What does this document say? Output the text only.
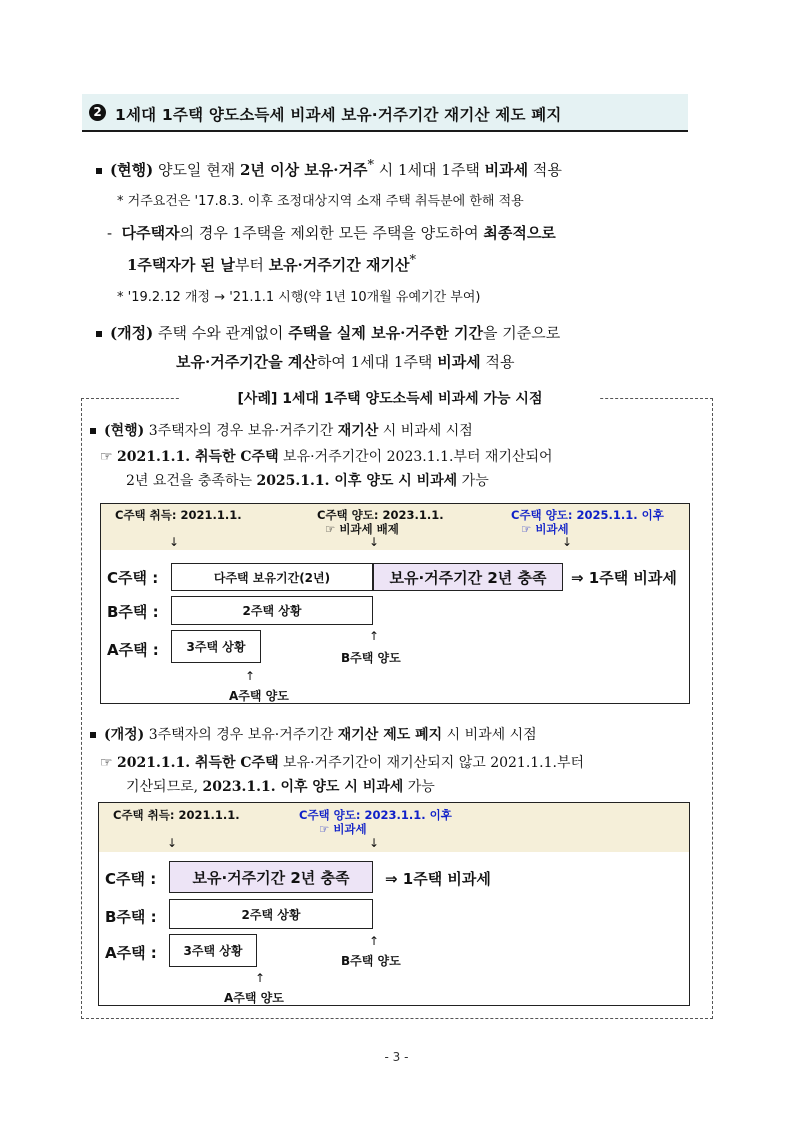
2 1세대 1주택 양도소득세 비과세 보유·거주기간 재기산 제도 폐지
(현행) 양도일 현재 2년 이상 보유·거주* 시 1세대 1주택 비과세 적용
* 거주요건은 '17.8.3. 이후 조정대상지역 소재 주택 취득분에 한해 적용
- 다주택자의 경우 1주택을 제외한 모든 주택을 양도하여 최종적으로
1주택자가 된 날부터 보유·거주기간 재기산*
* '19.2.12 개정 → '21.1.1 시행(약 1년 10개월 유예기간 부여)
(개정) 주택 수와 관계없이 주택을 실제 보유·거주한 기간을 기준으로
보유·거주기간을 계산하여 1세대 1주택 비과세 적용
[사례] 1세대 1주택 양도소득세 비과세 가능 시점
(현행) 3주택자의 경우 보유·거주기간 재기산 시 비과세 시점
☞ 2021.1.1. 취득한 C주택 보유·거주기간이 2023.1.1.부터 재기산되어
2년 요건을 충족하는 2025.1.1. 이후 양도 시 비과세 가능
C주택 취득: 2021.1.1.	C주택 양도: 2023.1.1.
☞ 비과세 배제
C주택 양도: 2025.1.1. 이후
☞ 비과세
↓	↓	↓
C주택 :	다주택 보유기간(2년)	보유·거주기간 2년 충족	⇒ 1주택 비과세
B주택 :	2주택 상황
A주택 :	3주택 상황
↑
B주택 양도
↑
A주택 양도
(개정) 3주택자의 경우 보유·거주기간 재기산 제도 폐지 시 비과세 시점
☞ 2021.1.1. 취득한 C주택 보유·거주기간이 재기산되지 않고 2021.1.1.부터
기산되므로, 2023.1.1. 이후 양도 시 비과세 가능
C주택 취득: 2021.1.1.	C주택 양도: 2023.1.1. 이후
☞ 비과세
↓	↓
C주택 :	보유·거주기간 2년 충족	⇒ 1주택 비과세
B주택 :	2주택 상황
A주택 :	3주택 상황
↑
B주택 양도
↑
A주택 양도
- 3 -
